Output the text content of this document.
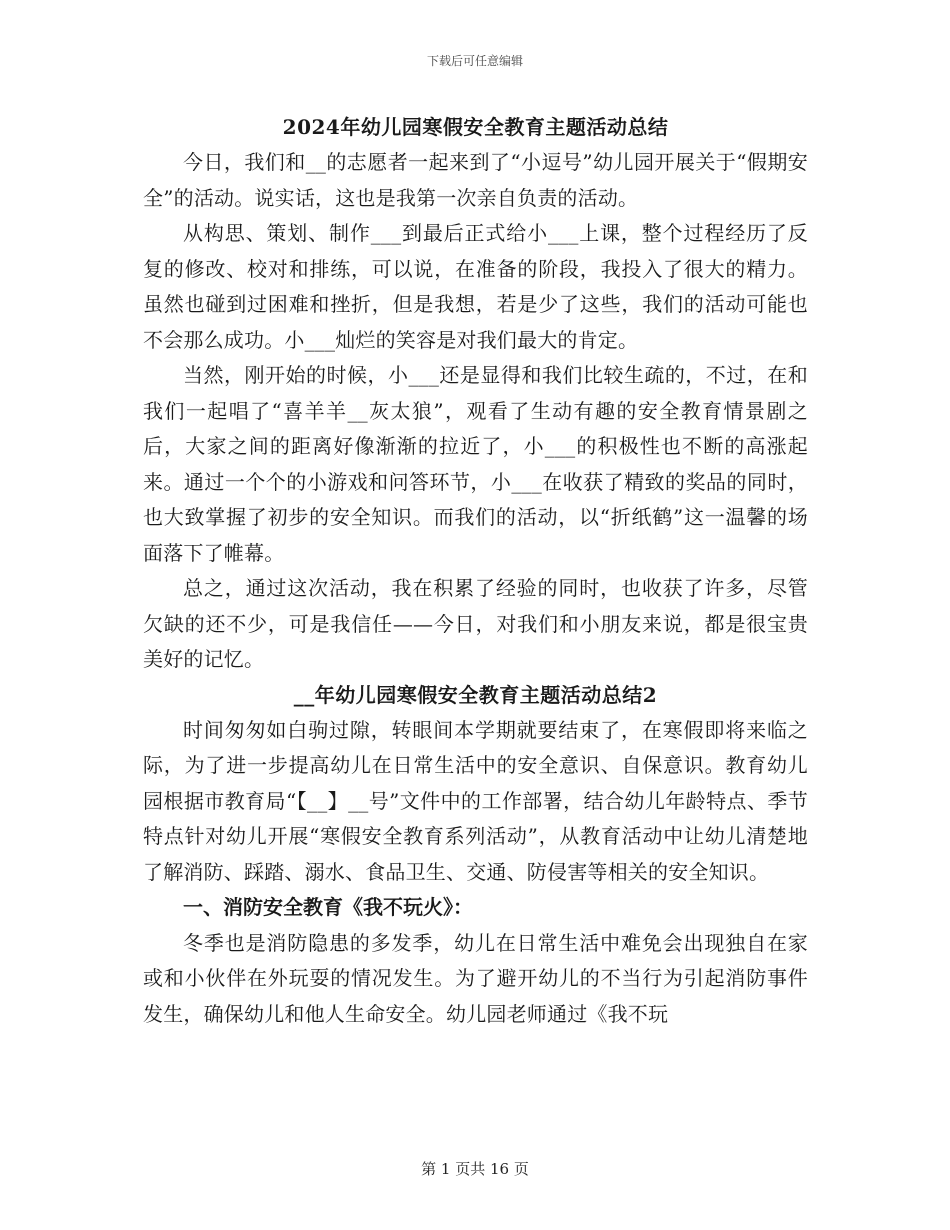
下载后可任意编辑

2024年幼儿园寒假安全教育主题活动总结

今日，我们和__的志愿者一起来到了“小逗号”幼儿园开展关于“假期安全”的活动。说实话，这也是我第一次亲自负责的活动。

从构思、策划、制作___到最后正式给小___上课，整个过程经历了反复的修改、校对和排练，可以说，在准备的阶段，我投入了很大的精力。虽然也碰到过困难和挫折，但是我想，若是少了这些，我们的活动可能也不会那么成功。小___灿烂的笑容是对我们最大的肯定。

当然，刚开始的时候，小___还是显得和我们比较生疏的，不过，在和我们一起唱了“喜羊羊__灰太狼”，观看了生动有趣的安全教育情景剧之后，大家之间的距离好像渐渐的拉近了，小___的积极性也不断的高涨起来。通过一个个的小游戏和问答环节，小___在收获了精致的奖品的同时，也大致掌握了初步的安全知识。而我们的活动，以“折纸鹤”这一温馨的场面落下了帷幕。

总之，通过这次活动，我在积累了经验的同时，也收获了许多，尽管欠缺的还不少，可是我信任——今日，对我们和小朋友来说，都是很宝贵美好的记忆。

__年幼儿园寒假安全教育主题活动总结2

时间匆匆如白驹过隙，转眼间本学期就要结束了，在寒假即将来临之际，为了进一步提高幼儿在日常生活中的安全意识、自保意识。教育幼儿园根据市教育局“【__】__号”文件中的工作部署，结合幼儿年龄特点、季节特点针对幼儿开展“寒假安全教育系列活动”，从教育活动中让幼儿清楚地了解消防、踩踏、溺水、食品卫生、交通、防侵害等相关的安全知识。

一、消防安全教育《我不玩火》：

冬季也是消防隐患的多发季，幼儿在日常生活中难免会出现独自在家或和小伙伴在外玩耍的情况发生。为了避开幼儿的不当行为引起消防事件发生，确保幼儿和他人生命安全。幼儿园老师通过《我不玩

第 1 页共 16 页
